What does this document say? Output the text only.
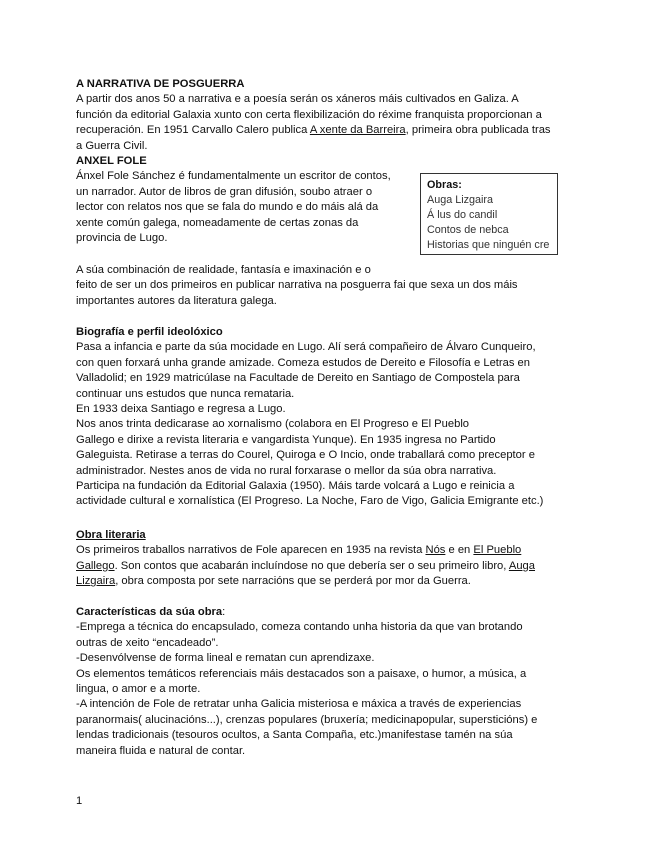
A NARRATIVA DE POSGUERRA
A partir dos anos 50 a narrativa e a poesía serán os xáneros máis cultivados en Galiza. A
función da editorial Galaxia xunto con certa flexibilización do réxime franquista proporcionan a
recuperación. En 1951 Carvallo Calero publica A xente da Barreira, primeira obra publicada tras
a Guerra Civil.
ANXEL FOLE
Ánxel Fole Sánchez é fundamentalmente un escritor de contos,
un narrador. Autor de libros de gran difusión, soubo atraer o
lector con relatos nos que se fala do mundo e do máis alá da
xente común galega, nomeadamente de certas zonas da
provincia de Lugo.
Obras:
Auga Lizgaira
Á lus do candil
Contos de nebca
Historias que ninguén cre
A súa combinación de realidade, fantasía e imaxinación e o
feito de ser un dos primeiros en publicar narrativa na posguerra fai que sexa un dos máis
importantes autores da literatura galega.
Biografía e perfil ideolóxico
Pasa a infancia e parte da súa mocidade en Lugo. Alí será compañeiro de Álvaro Cunqueiro,
con quen forxará unha grande amizade. Comeza estudos de Dereito e Filosofía e Letras en
Valladolid; en 1929 matricúlase na Facultade de Dereito en Santiago de Compostela para
continuar uns estudos que nunca remataria.
En 1933 deixa Santiago e regresa a Lugo.
Nos anos trinta dedicarase ao xornalismo (colabora en El Progreso e El Pueblo
Gallego e dirixe a revista literaria e vangardista Yunque). En 1935 ingresa no Partido
Galeguista. Retirase a terras do Courel, Quiroga e O Incio, onde traballará como preceptor e
administrador. Nestes anos de vida no rural forxarase o mellor da súa obra narrativa.
Participa na fundación da Editorial Galaxia (1950). Máis tarde volcará a Lugo e reinicia a
actividade cultural e xornalística (El Progreso. La Noche, Faro de Vigo, Galicia Emigrante etc.)
Obra literaria
Os primeiros traballos narrativos de Fole aparecen en 1935 na revista Nós e en El Pueblo
Gallego. Son contos que acabarán incluíndose no que debería ser o seu primeiro libro, Auga
Lizgaira, obra composta por sete narracións que se perderá por mor da Guerra.
Características da súa obra:
-Emprega a técnica do encapsulado, comeza contando unha historia da que van brotando
outras de xeito “encadeado”.
-Desenvólvense de forma lineal e rematan cun aprendizaxe.
Os elementos temáticos referenciais máis destacados son a paisaxe, o humor, a música, a
lingua, o amor e a morte.
-A intención de Fole de retratar unha Galicia misteriosa e máxica a través de experiencias
paranormais( alucinacións...), crenzas populares (bruxería; medicinapopular, supersticións) e
lendas tradicionais (tesouros ocultos, a Santa Compaña, etc.)manifestase tamén na súa
maneira fluida e natural de contar.
1
